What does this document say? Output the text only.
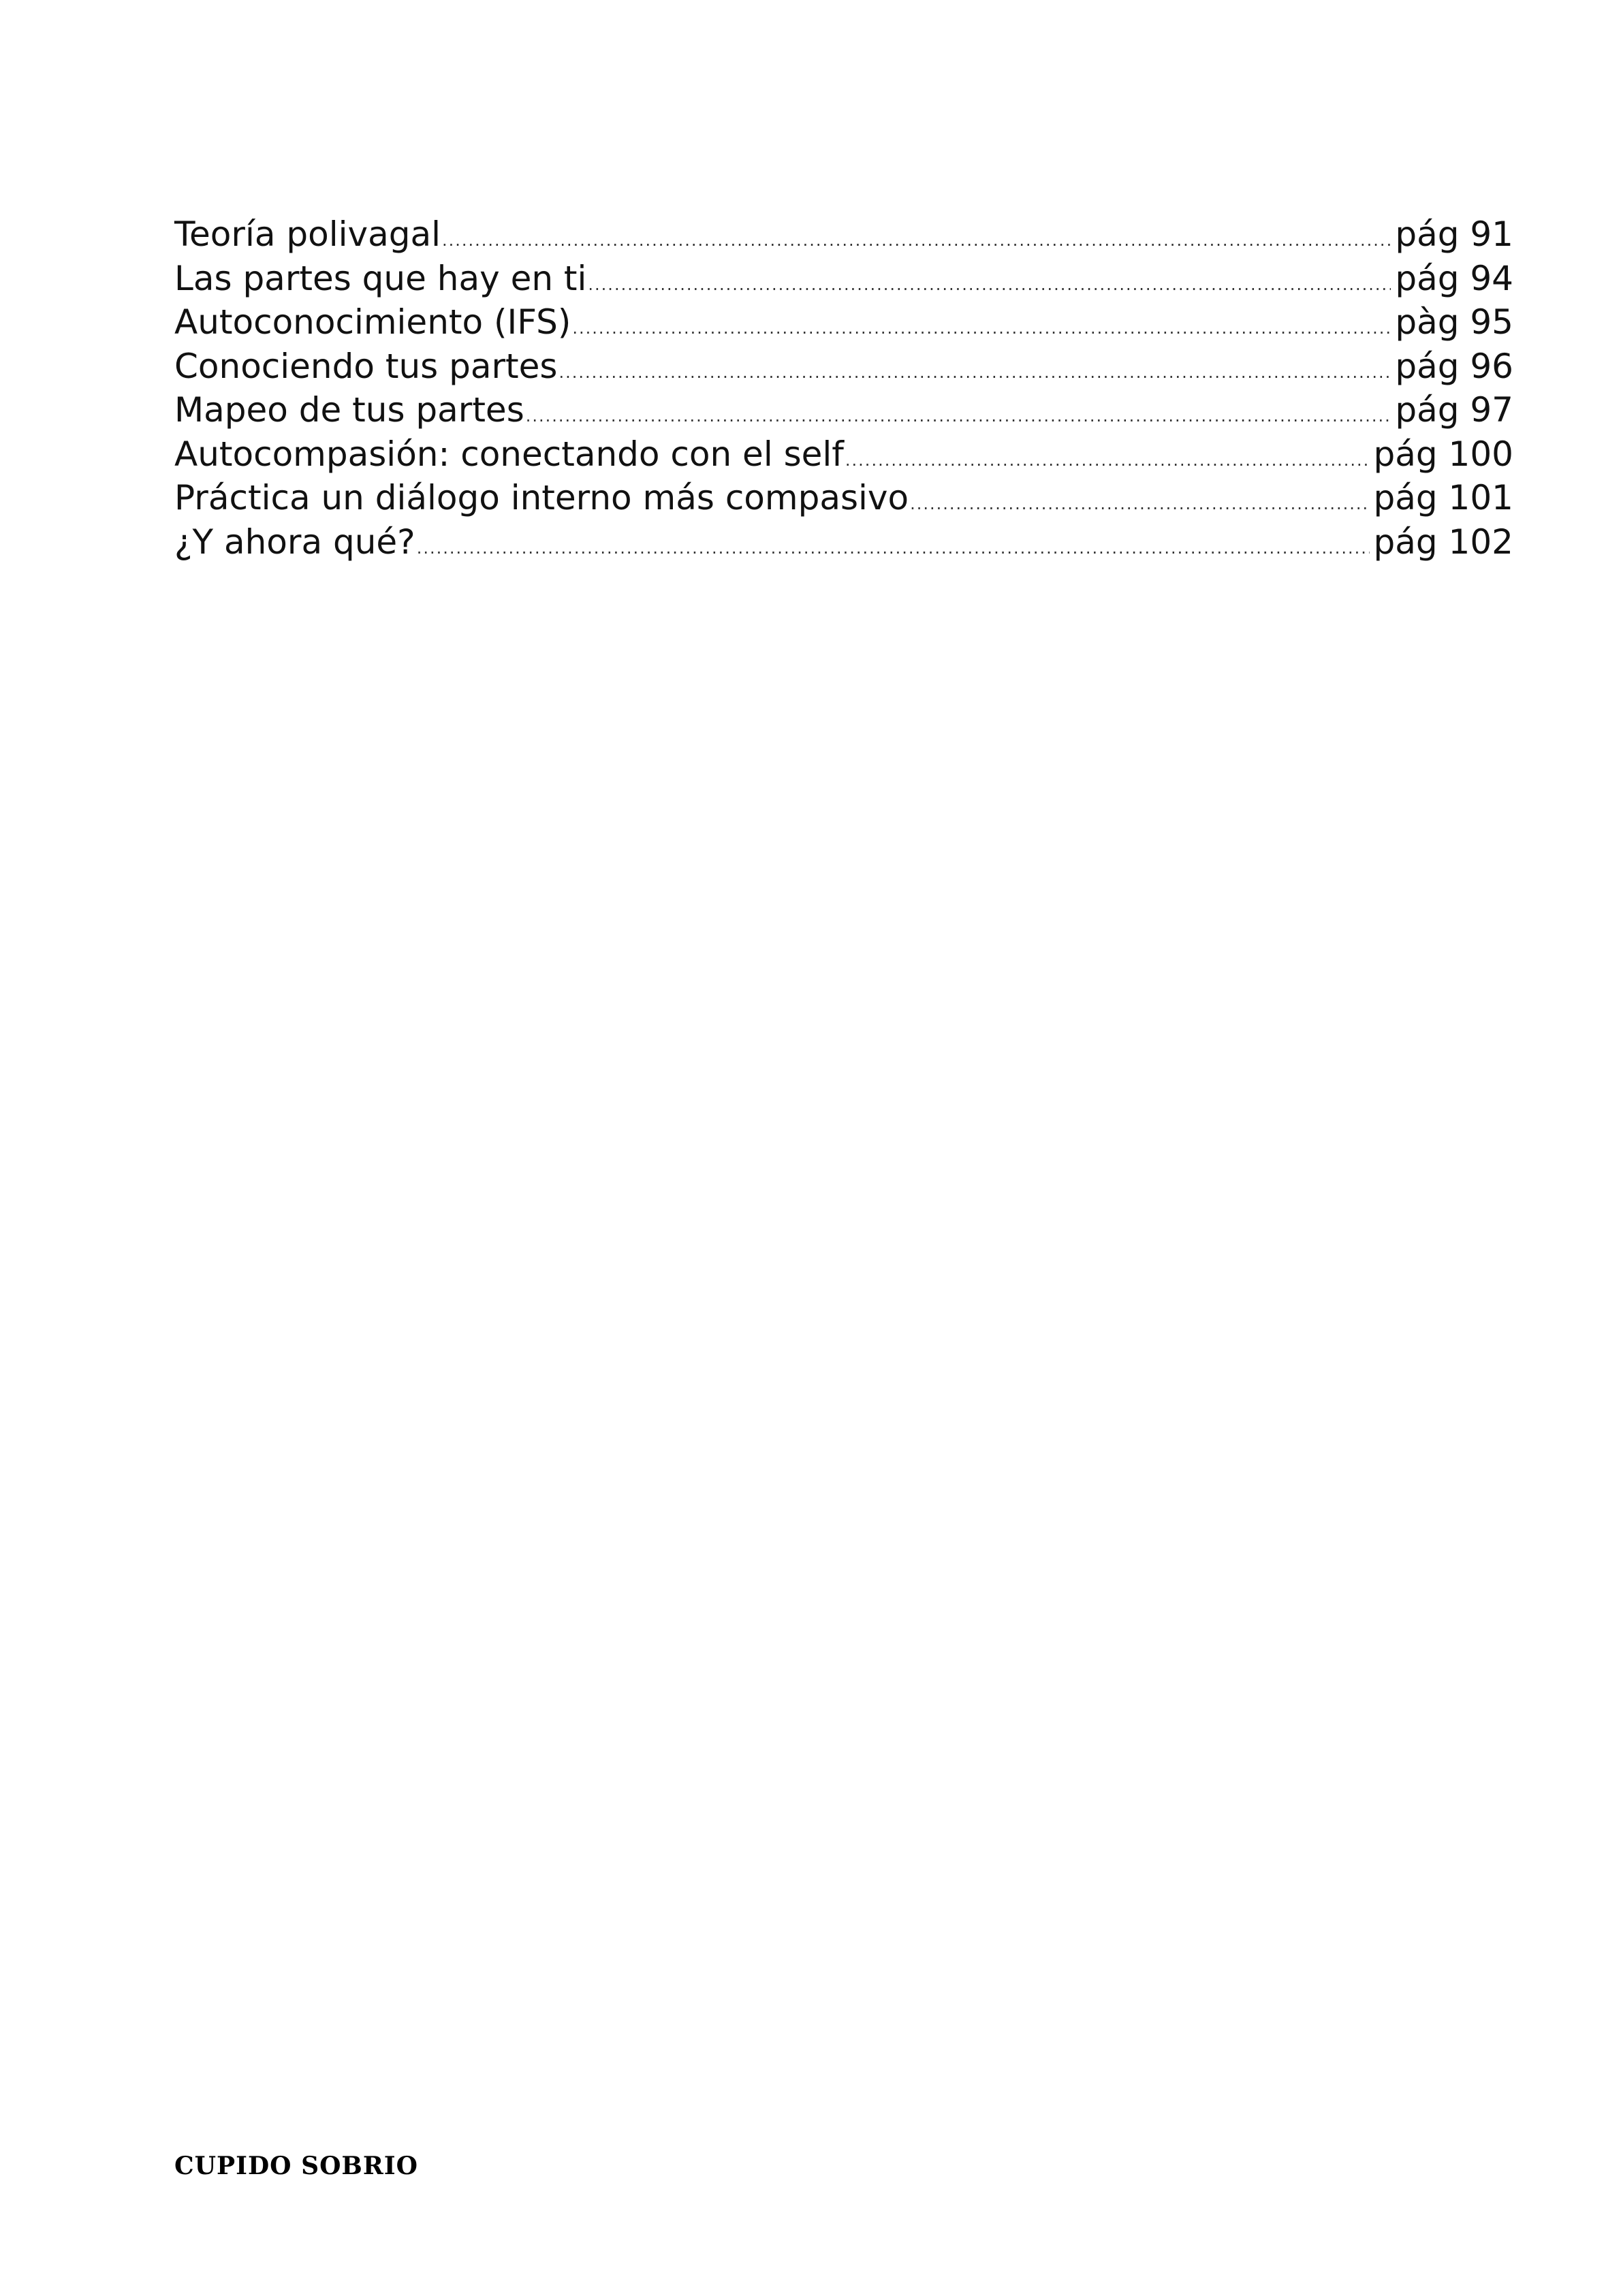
Teoría polivagal .....	pág 91
Las partes que hay en ti .....	pág 94
Autoconocimiento (IFS) .....	pàg 95
Conociendo tus partes .....	pág 96
Mapeo de tus partes .....	pág 97
Autocompasión: conectando con el self .....	pág 100
Práctica un diálogo interno más compasivo .....	pág 101
¿Y ahora qué? .....	pág 102
CUPIDO SOBRIO
